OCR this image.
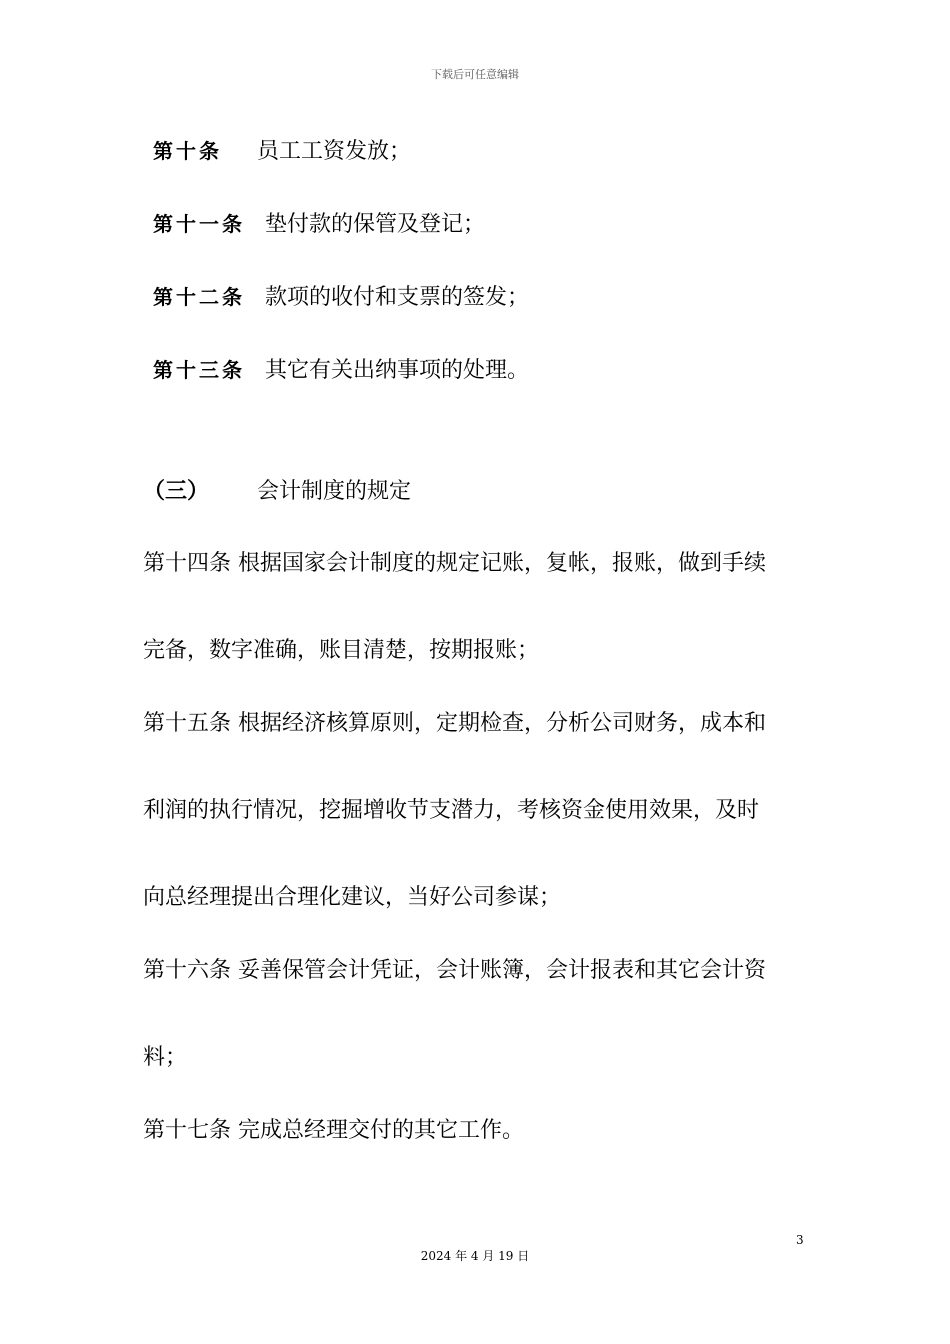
下载后可任意编辑
第十条 员工工资发放；
第十一条 垫付款的保管及登记；
第十二条 款项的收付和支票的签发；
第十三条 其它有关出纳事项的处理。
（三） 会计制度的规定
第十四条 根据国家会计制度的规定记账，复帐，报账，做到手续
完备，数字准确，账目清楚，按期报账；
第十五条 根据经济核算原则，定期检查，分析公司财务，成本和
利润的执行情况，挖掘增收节支潜力，考核资金使用效果，及时
向总经理提出合理化建议，当好公司参谋；
第十六条 妥善保管会计凭证，会计账簿，会计报表和其它会计资
料；
第十七条 完成总经理交付的其它工作。
3
2024 年 4 月 19 日
